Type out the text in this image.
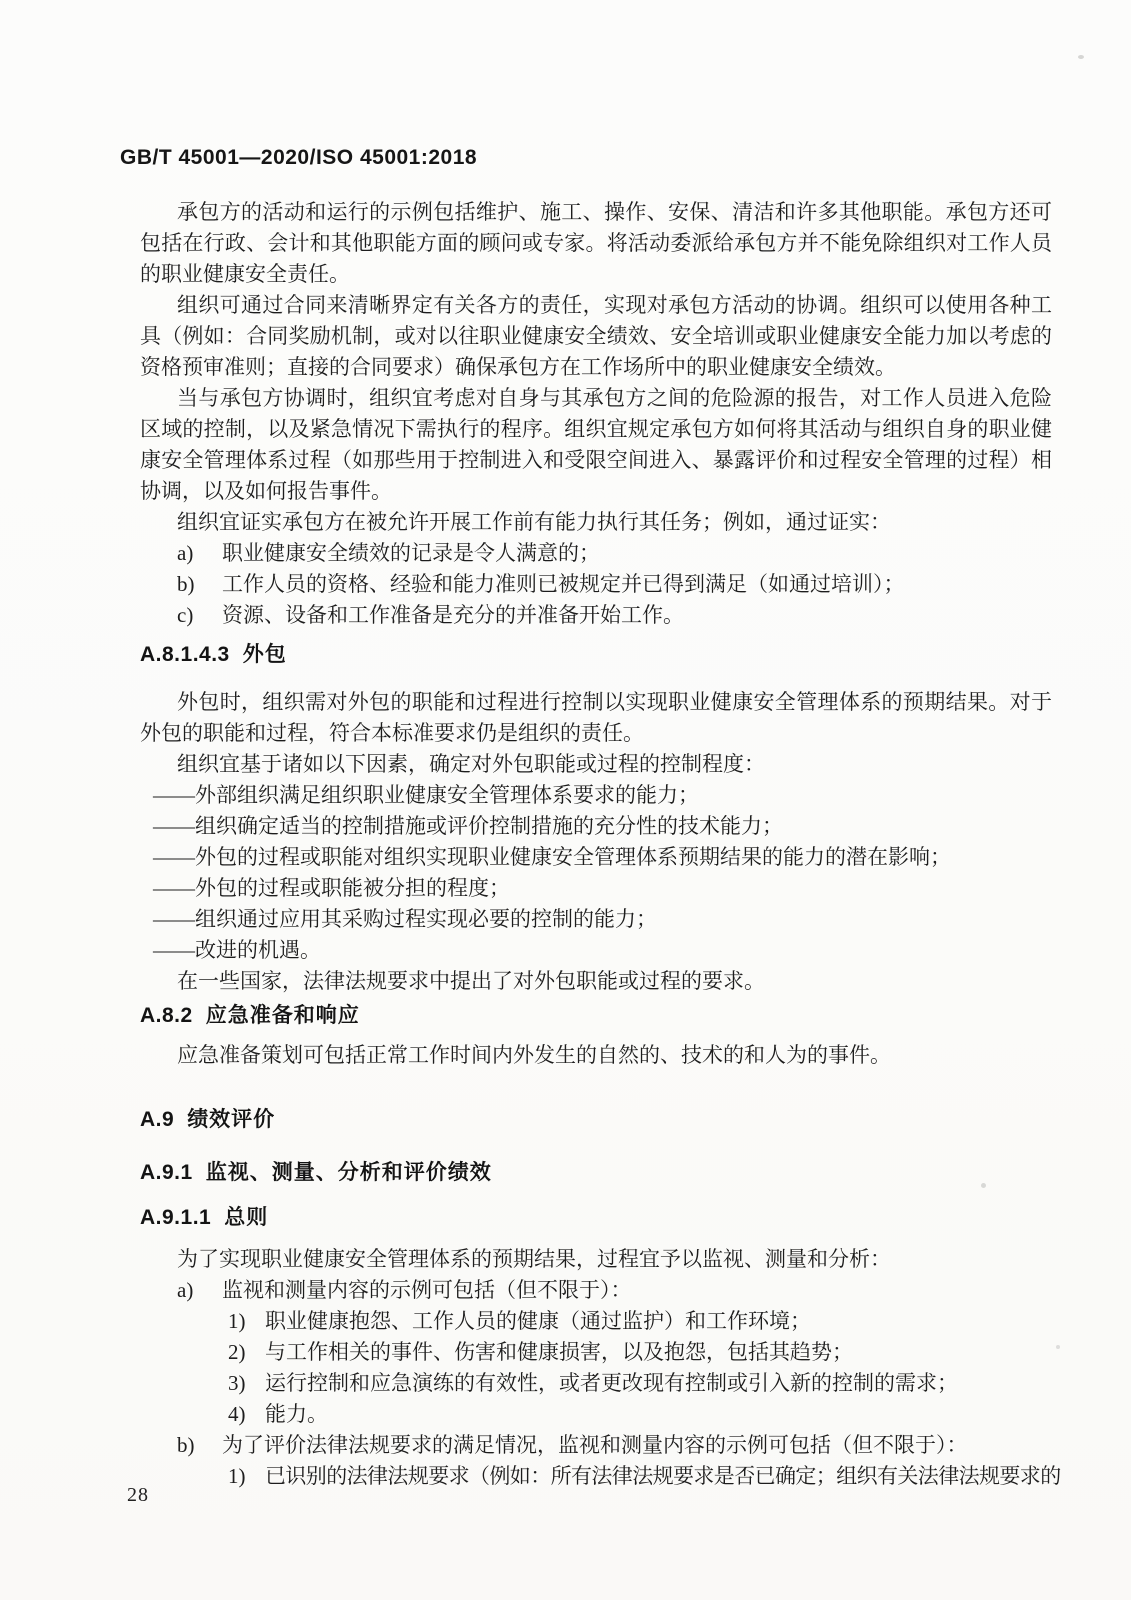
GB/T 45001—2020/ISO 45001:2018

承包方的活动和运行的示例包括维护、施工、操作、安保、清洁和许多其他职能。承包方还可包括在行政、会计和其他职能方面的顾问或专家。将活动委派给承包方并不能免除组织对工作人员的职业健康安全责任。

组织可通过合同来清晰界定有关各方的责任，实现对承包方活动的协调。组织可以使用各种工具（例如：合同奖励机制，或对以往职业健康安全绩效、安全培训或职业健康安全能力加以考虑的资格预审准则；直接的合同要求）确保承包方在工作场所中的职业健康安全绩效。

当与承包方协调时，组织宜考虑对自身与其承包方之间的危险源的报告，对工作人员进入危险区域的控制，以及紧急情况下需执行的程序。组织宜规定承包方如何将其活动与组织自身的职业健康安全管理体系过程（如那些用于控制进入和受限空间进入、暴露评价和过程安全管理的过程）相协调，以及如何报告事件。

组织宜证实承包方在被允许开展工作前有能力执行其任务；例如，通过证实：

a)	职业健康安全绩效的记录是令人满意的；
b)	工作人员的资格、经验和能力准则已被规定并已得到满足（如通过培训）；
c)	资源、设备和工作准备是充分的并准备开始工作。
A.8.1.4.3 外包

外包时，组织需对外包的职能和过程进行控制以实现职业健康安全管理体系的预期结果。对于外包的职能和过程，符合本标准要求仍是组织的责任。

组织宜基于诸如以下因素，确定对外包职能或过程的控制程度：

——外部组织满足组织职业健康安全管理体系要求的能力；

——组织确定适当的控制措施或评价控制措施的充分性的技术能力；

——外包的过程或职能对组织实现职业健康安全管理体系预期结果的能力的潜在影响；

——外包的过程或职能被分担的程度；

——组织通过应用其采购过程实现必要的控制的能力；

——改进的机遇。

在一些国家，法律法规要求中提出了对外包职能或过程的要求。

A.8.2 应急准备和响应

应急准备策划可包括正常工作时间内外发生的自然的、技术的和人为的事件。

A.9 绩效评价
A.9.1 监视、测量、分析和评价绩效
A.9.1.1 总则

为了实现职业健康安全管理体系的预期结果，过程宜予以监视、测量和分析：

a)	监视和测量内容的示例可包括（但不限于）：
1) 职业健康抱怨、工作人员的健康（通过监护）和工作环境；
2) 与工作相关的事件、伤害和健康损害，以及抱怨，包括其趋势；
3) 运行控制和应急演练的有效性，或者更改现有控制或引入新的控制的需求；
4) 能力。
b)	为了评价法律法规要求的满足情况，监视和测量内容的示例可包括（但不限于）：
1) 已识别的法律法规要求（例如：所有法律法规要求是否已确定；组织有关法律法规要求的
28
